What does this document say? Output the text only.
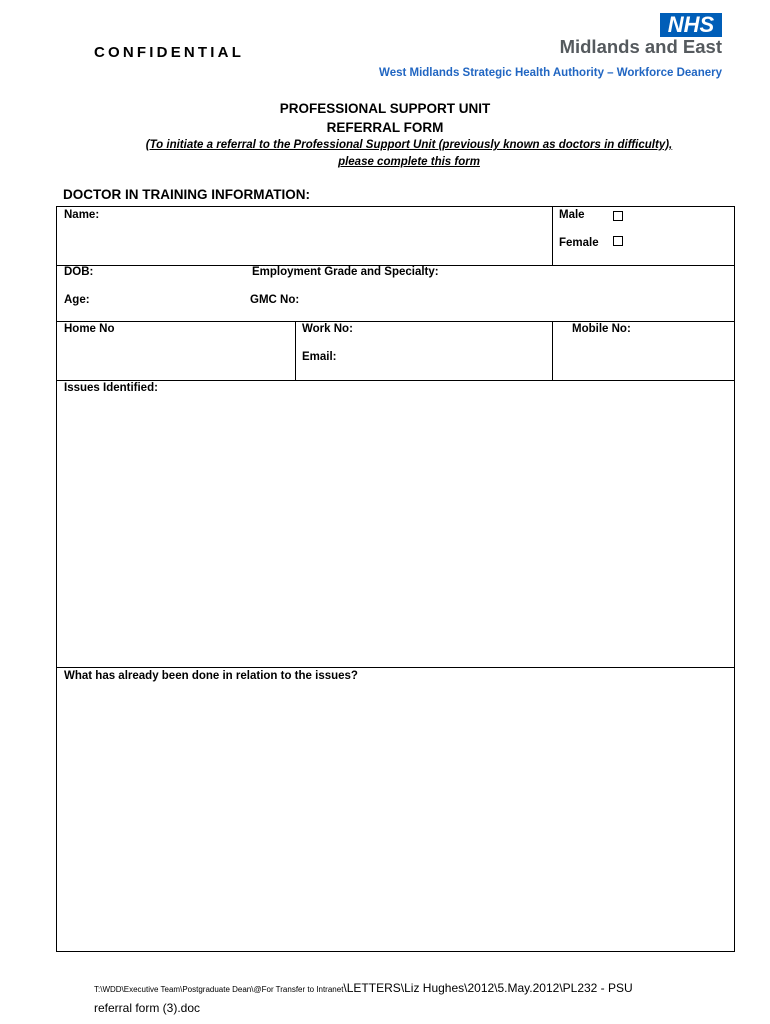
CONFIDENTIAL
NHS
Midlands and East
West Midlands Strategic Health Authority – Workforce Deanery
PROFESSIONAL SUPPORT UNIT
REFERRAL FORM
(To initiate a referral to the Professional Support Unit (previously known as doctors in difficulty),
please complete this form
DOCTOR IN TRAINING INFORMATION:
Name:	Male
Female
DOB:	Employment Grade and Specialty:
Age:	GMC No:
Home No	Work No:	Mobile No:
Email:
Issues Identified:
What has already been done in relation to the issues?
T:\WDD\Executive Team\Postgraduate Dean\@For Transfer to Intranet\LETTERS\Liz Hughes\2012\5.May.2012\PL232 - PSU
referral form (3).doc
